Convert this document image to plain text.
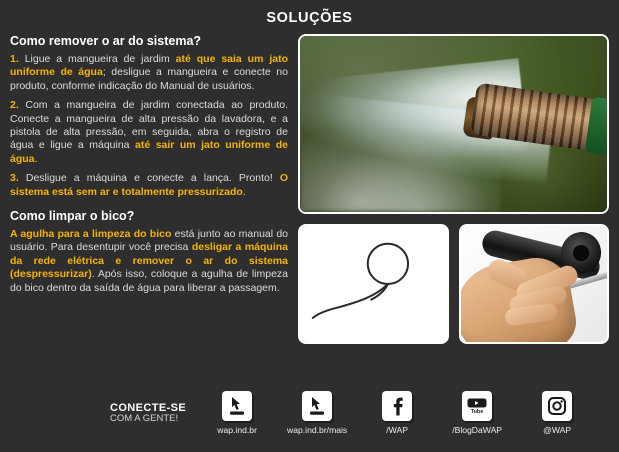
SOLUÇÕES
Como remover o ar do sistema?

1. Ligue a mangueira de jardim até que saia um jato uniforme de água; desligue a mangueira e conecte no produto, conforme indicação do Manual de usuários.

2. Com a mangueira de jardim conectada ao produto. Conecte a mangueira de alta pressão da lavadora, e a pistola de alta pressão, em seguida, abra o registro de água e ligue a máquina até sair um jato uniforme de água.

3. Desligue a máquina e conecte a lança. Pronto! O sistema está sem ar e totalmente pressurizado.

Como limpar o bico?

A agulha para a limpeza do bico está junto ao manual do usuário. Para desentupir você precisa desligar a máquina da rede elétrica e remover o ar do sistema (despressurizar). Após isso, coloque a agulha de limpeza do bico dentro da saída de água para liberar a passagem.

CONECTE-SE
COM A GENTE!
wap.ind.br	wap.ind.br/mais	/WAP
Tube
/BlogDaWAP	@WAP
